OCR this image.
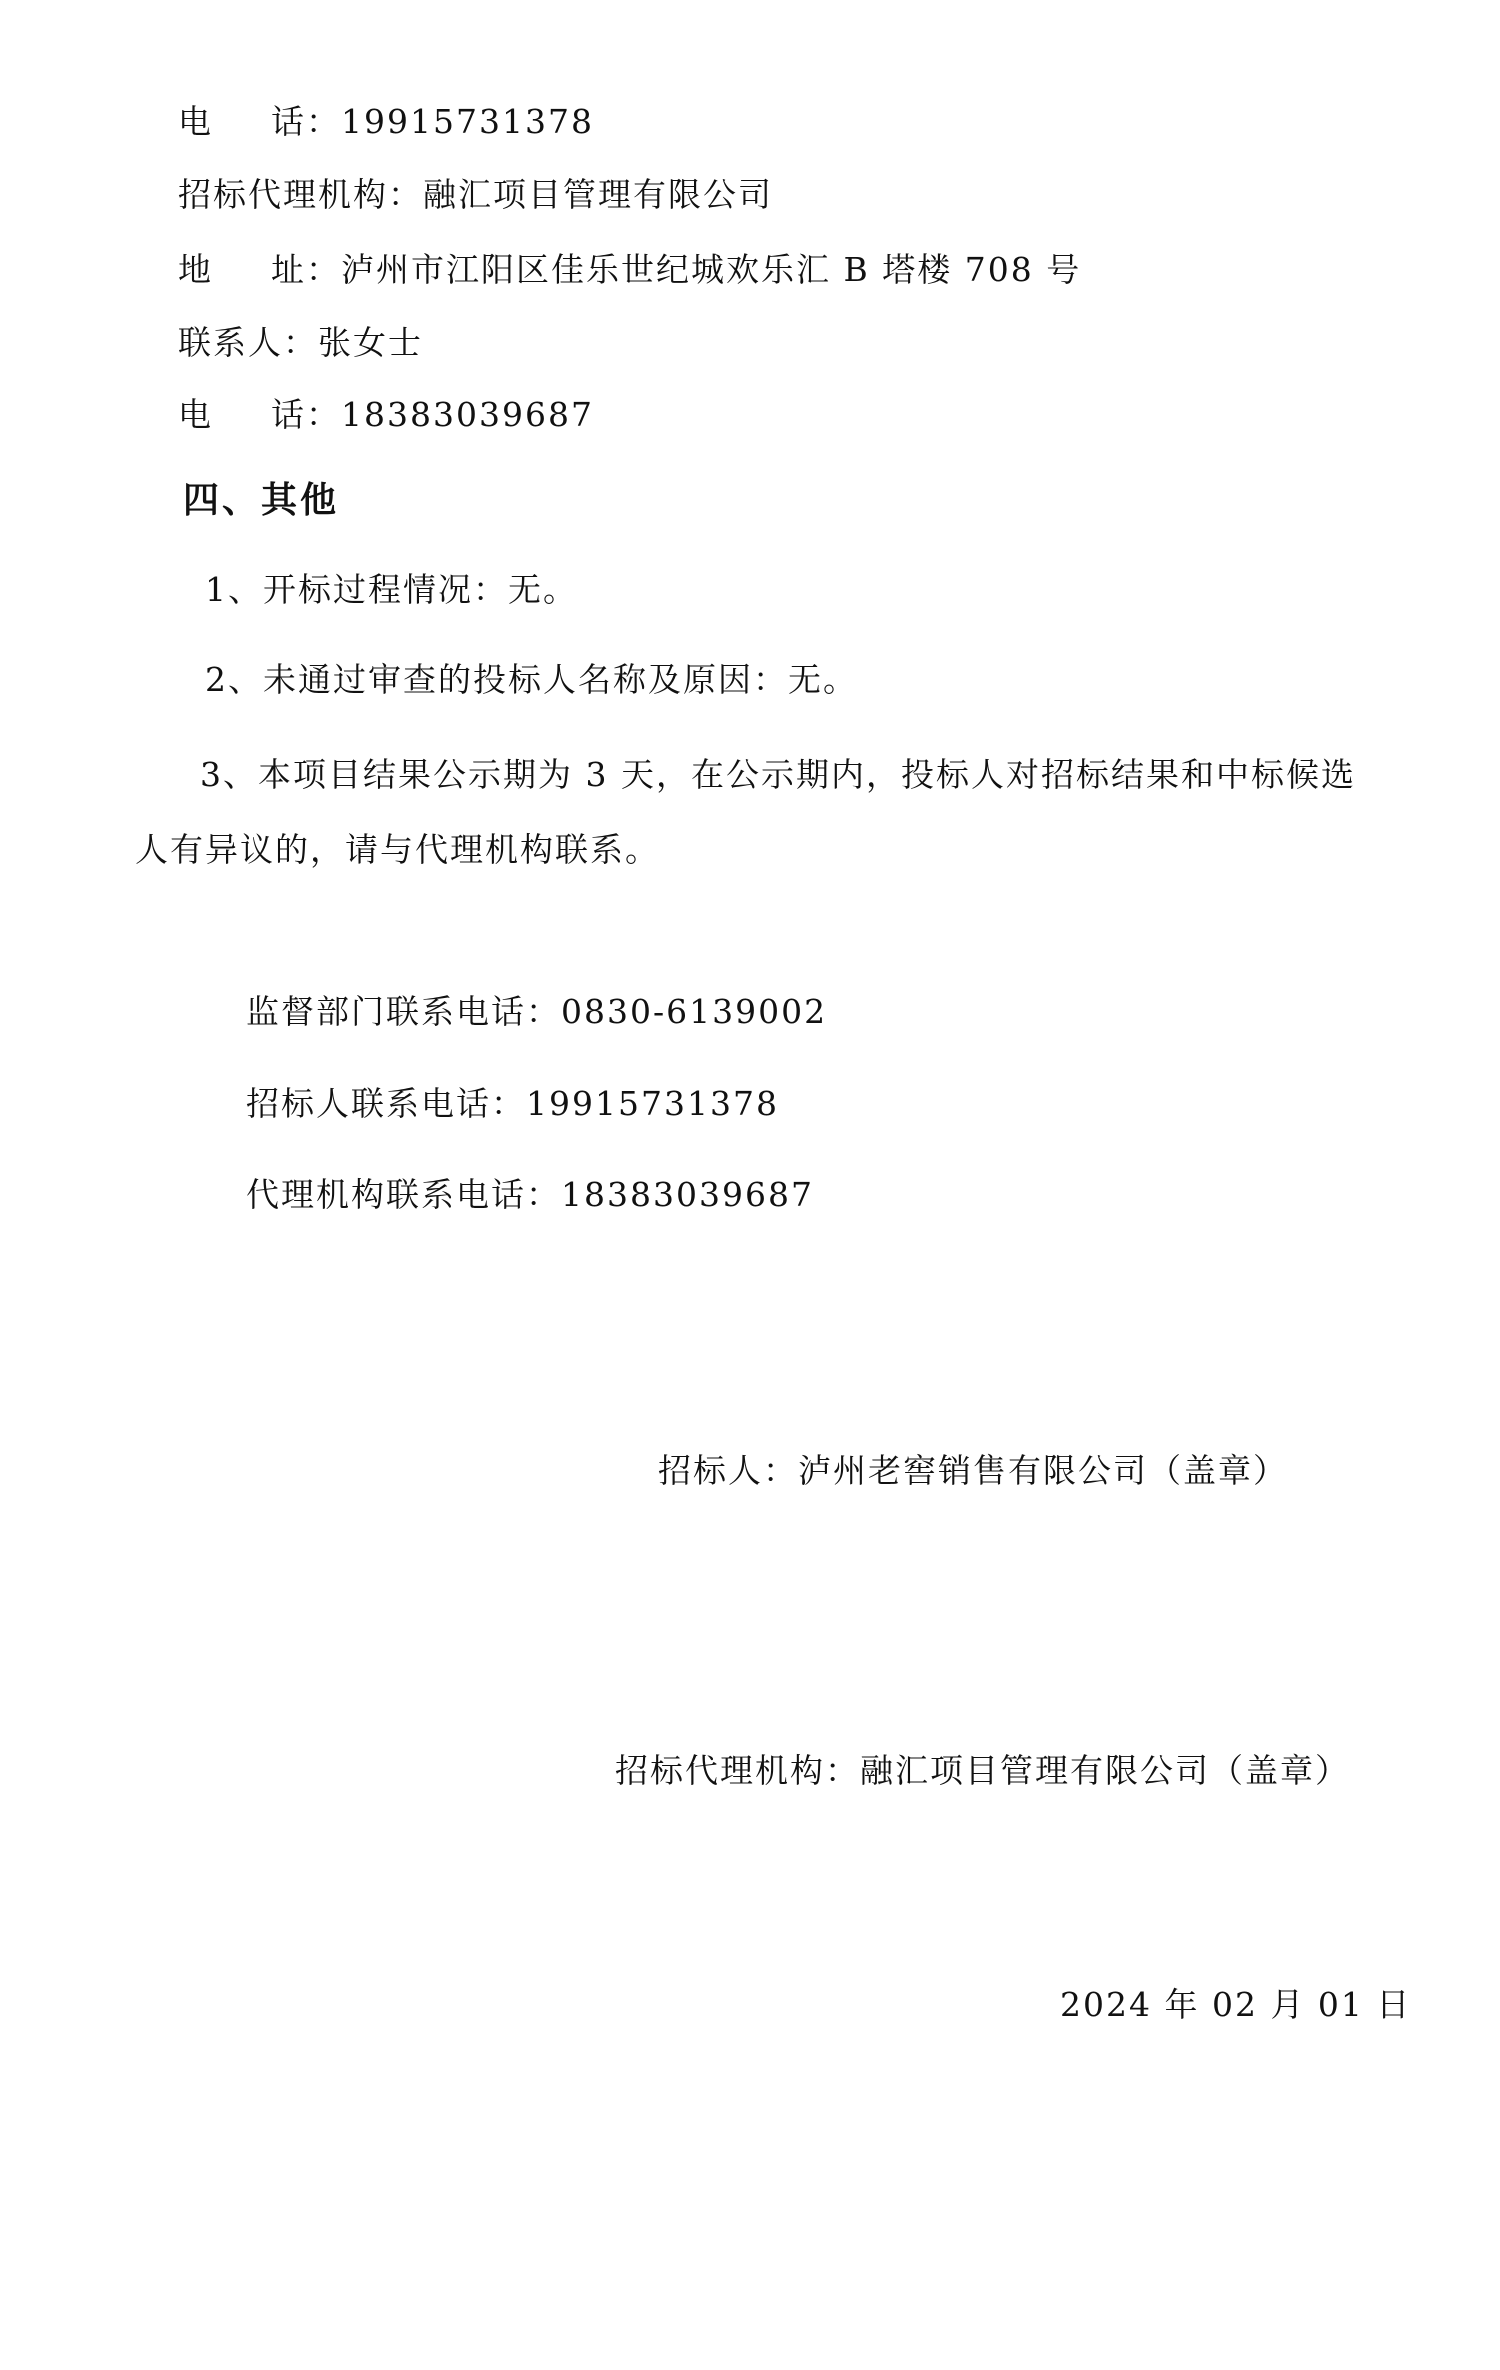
电 话：19915731378
招标代理机构：融汇项目管理有限公司
地 址：泸州市江阳区佳乐世纪城欢乐汇 B 塔楼 708 号
联系人：张女士
电 话：18383039687
四、其他
1、开标过程情况：无。
2、未通过审查的投标人名称及原因：无。
3、本项目结果公示期为 3 天，在公示期内，投标人对招标结果和中标候选
人有异议的，请与代理机构联系。
监督部门联系电话：0830-6139002
招标人联系电话：19915731378
代理机构联系电话：18383039687
招标人：泸州老窖销售有限公司（盖章）
招标代理机构：融汇项目管理有限公司（盖章）
2024 年 02 月 01 日
